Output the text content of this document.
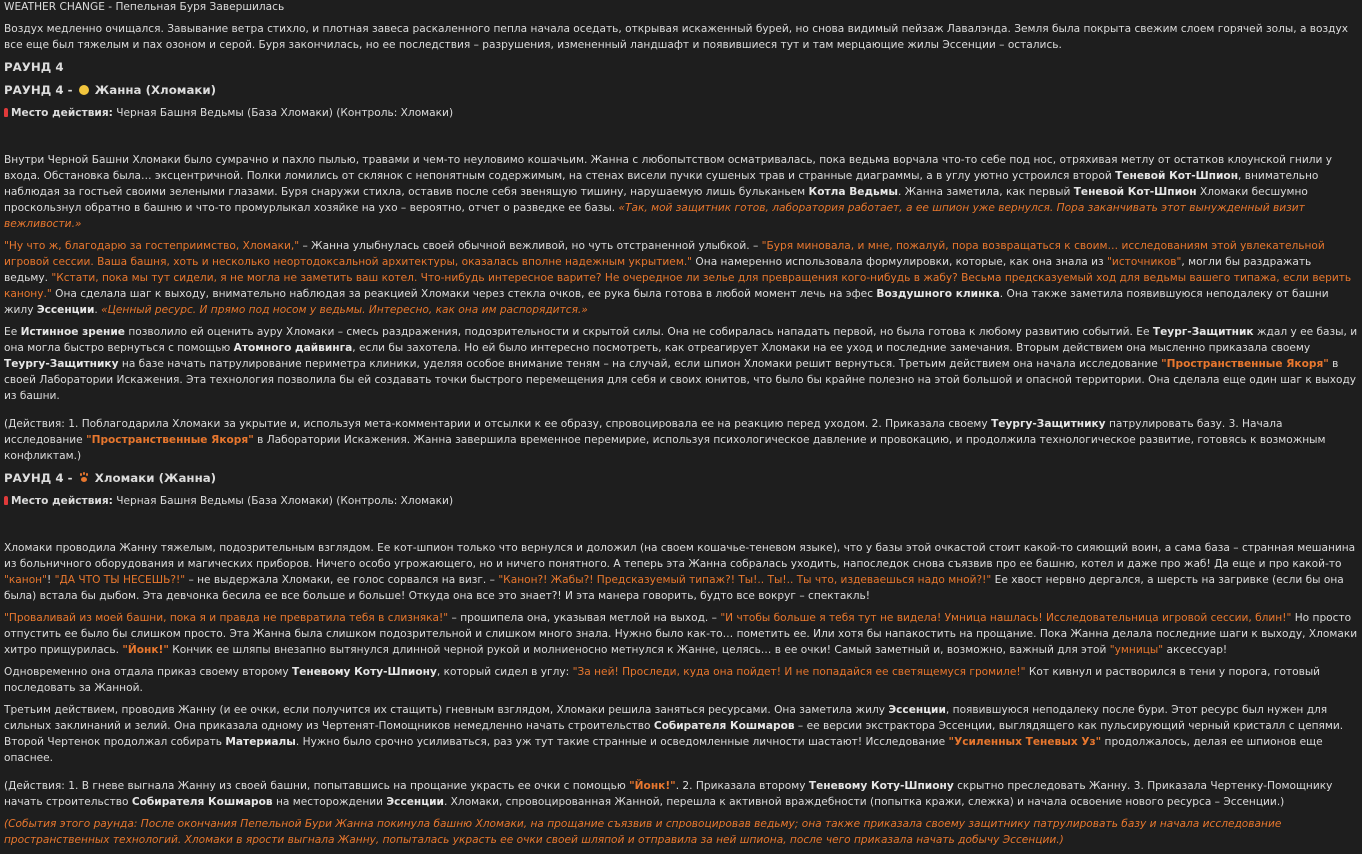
WEATHER CHANGE - Пепельная Буря Завершилась

Воздух медленно очищался. Завывание ветра стихло, и плотная завеса раскаленного пепла начала оседать, открывая искаженный бурей, но снова видимый пейзаж Лавалэнда. Земля была покрыта свежим слоем горячей золы, а воздух все еще был тяжелым и пах озоном и серой. Буря закончилась, но ее последствия – разрушения, измененный ландшафт и появившиеся тут и там мерцающие жилы Эссенции – остались.

РАУНД 4

РАУНД 4 - Жанна (Хломаки)

Место действия: Черная Башня Ведьмы (База Хломаки) (Контроль: Хломаки)

Внутри Черной Башни Хломаки было сумрачно и пахло пылью, травами и чем-то неуловимо кошачьим. Жанна с любопытством осматривалась, пока ведьма ворчала что-то себе под нос, отряхивая метлу от остатков клоунской гнили у входа. Обстановка была… эксцентричной. Полки ломились от склянок с непонятным содержимым, на стенах висели пучки сушеных трав и странные диаграммы, а в углу уютно устроился второй Теневой Кот-Шпион, внимательно наблюдая за гостьей своими зелеными глазами. Буря снаружи стихла, оставив после себя звенящую тишину, нарушаемую лишь бульканьем Котла Ведьмы. Жанна заметила, как первый Теневой Кот-Шпион Хломаки бесшумно проскользнул обратно в башню и что-то промурлыкал хозяйке на ухо – вероятно, отчет о разведке ее базы. «Так, мой защитник готов, лаборатория работает, а ее шпион уже вернулся. Пора заканчивать этот вынужденный визит вежливости.»

"Ну что ж, благодарю за гостеприимство, Хломаки," – Жанна улыбнулась своей обычной вежливой, но чуть отстраненной улыбкой. – "Буря миновала, и мне, пожалуй, пора возвращаться к своим… исследованиям этой увлекательной игровой сессии. Ваша башня, хоть и несколько неортодоксальной архитектуры, оказалась вполне надежным укрытием." Она намеренно использовала формулировки, которые, как она знала из "источников", могли бы раздражать ведьму. "Кстати, пока мы тут сидели, я не могла не заметить ваш котел. Что-нибудь интересное варите? Не очередное ли зелье для превращения кого-нибудь в жабу? Весьма предсказуемый ход для ведьмы вашего типажа, если верить канону." Она сделала шаг к выходу, внимательно наблюдая за реакцией Хломаки через стекла очков, ее рука была готова в любой момент лечь на эфес Воздушного клинка. Она также заметила появившуюся неподалеку от башни жилу Эссенции. «Ценный ресурс. И прямо под носом у ведьмы. Интересно, как она им распорядится.»

Ее Истинное зрение позволило ей оценить ауру Хломаки – смесь раздражения, подозрительности и скрытой силы. Она не собиралась нападать первой, но была готова к любому развитию событий. Ее Теург-Защитник ждал у ее базы, и она могла быстро вернуться с помощью Атомного дайвинга, если бы захотела. Но ей было интересно посмотреть, как отреагирует Хломаки на ее уход и последние замечания. Вторым действием она мысленно приказала своему Теургу-Защитнику на базе начать патрулирование периметра клиники, уделяя особое внимание теням – на случай, если шпион Хломаки решит вернуться. Третьим действием она начала исследование "Пространственные Якоря" в своей Лаборатории Искажения. Эта технология позволила бы ей создавать точки быстрого перемещения для себя и своих юнитов, что было бы крайне полезно на этой большой и опасной территории. Она сделала еще один шаг к выходу из башни.

(Действия: 1. Поблагодарила Хломаки за укрытие и, используя мета-комментарии и отсылки к ее образу, спровоцировала ее на реакцию перед уходом. 2. Приказала своему Теургу-Защитнику патрулировать базу. 3. Начала исследование "Пространственные Якоря" в Лаборатории Искажения. Жанна завершила временное перемирие, используя психологическое давление и провокацию, и продолжила технологическое развитие, готовясь к возможным конфликтам.)

РАУНД 4 - Хломаки (Жанна)

Место действия: Черная Башня Ведьмы (База Хломаки) (Контроль: Хломаки)

Хломаки проводила Жанну тяжелым, подозрительным взглядом. Ее кот-шпион только что вернулся и доложил (на своем кошачье-теневом языке), что у базы этой очкастой стоит какой-то сияющий воин, а сама база – странная мешанина из больничного оборудования и магических приборов. Ничего особо угрожающего, но и ничего понятного. А теперь эта Жанна собралась уходить, напоследок снова съязвив про ее башню, котел и даже про жаб! Да еще и про какой-то "канон"! "ДА ЧТО ТЫ НЕСЕШЬ?!" – не выдержала Хломаки, ее голос сорвался на визг. – "Канон?! Жабы?! Предсказуемый типаж?! Ты!.. Ты!.. Ты что, издеваешься надо мной?!" Ее хвост нервно дергался, а шерсть на загривке (если бы она была) встала бы дыбом. Эта девчонка бесила ее все больше и больше! Откуда она все это знает?! И эта манера говорить, будто все вокруг – спектакль!

"Проваливай из моей башни, пока я и правда не превратила тебя в слизняка!" – прошипела она, указывая метлой на выход. – "И чтобы больше я тебя тут не видела! Умница нашлась! Исследовательница игровой сессии, блин!" Но просто отпустить ее было бы слишком просто. Эта Жанна была слишком подозрительной и слишком много знала. Нужно было как-то… пометить ее. Или хотя бы напакостить на прощание. Пока Жанна делала последние шаги к выходу, Хломаки хитро прищурилась. "Йонк!" Кончик ее шляпы внезапно вытянулся длинной черной рукой и молниеносно метнулся к Жанне, целясь… в ее очки! Самый заметный и, возможно, важный для этой "умницы" аксессуар!

Одновременно она отдала приказ своему второму Теневому Коту-Шпиону, который сидел в углу: "За ней! Проследи, куда она пойдет! И не попадайся ее светящемуся громиле!" Кот кивнул и растворился в тени у порога, готовый последовать за Жанной.

Третьим действием, проводив Жанну (и ее очки, если получится их стащить) гневным взглядом, Хломаки решила заняться ресурсами. Она заметила жилу Эссенции, появившуюся неподалеку после бури. Этот ресурс был нужен для сильных заклинаний и зелий. Она приказала одному из Чертенят-Помощников немедленно начать строительство Собирателя Кошмаров – ее версии экстрактора Эссенции, выглядящего как пульсирующий черный кристалл с цепями. Второй Чертенок продолжал собирать Материалы. Нужно было срочно усиливаться, раз уж тут такие странные и осведомленные личности шастают! Исследование "Усиленных Теневых Уз" продолжалось, делая ее шпионов еще опаснее.

(Действия: 1. В гневе выгнала Жанну из своей башни, попытавшись на прощание украсть ее очки с помощью "Йонк!". 2. Приказала второму Теневому Коту-Шпиону скрытно преследовать Жанну. 3. Приказала Чертенку-Помощнику начать строительство Собирателя Кошмаров на месторождении Эссенции. Хломаки, спровоцированная Жанной, перешла к активной враждебности (попытка кражи, слежка) и начала освоение нового ресурса – Эссенции.)

(События этого раунда: После окончания Пепельной Бури Жанна покинула башню Хломаки, на прощание съязвив и спровоцировав ведьму; она также приказала своему защитнику патрулировать базу и начала исследование пространственных технологий. Хломаки в ярости выгнала Жанну, попыталась украсть ее очки своей шляпой и отправила за ней шпиона, после чего приказала начать добычу Эссенции.)
